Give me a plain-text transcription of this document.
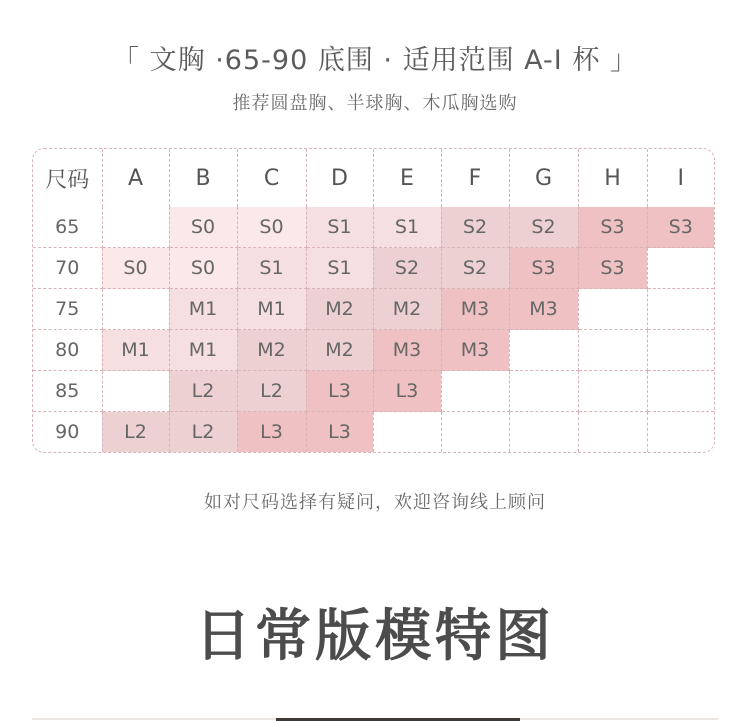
「 文胸 ·65-90 底围 · 适用范围 A-I 杯 」
推荐圆盘胸、半球胸、木瓜胸选购
尺码	A	B	C	D	E	F	G	H	I
65		S0	S0	S1	S1	S2	S2	S3	S3
70	S0	S0	S1	S1	S2	S2	S3	S3	
75		M1	M1	M2	M2	M3	M3		
80	M1	M1	M2	M2	M3	M3			
85		L2	L2	L3	L3				
90	L2	L2	L3	L3					
如对尺码选择有疑问，欢迎咨询线上顾问
日常版模特图
